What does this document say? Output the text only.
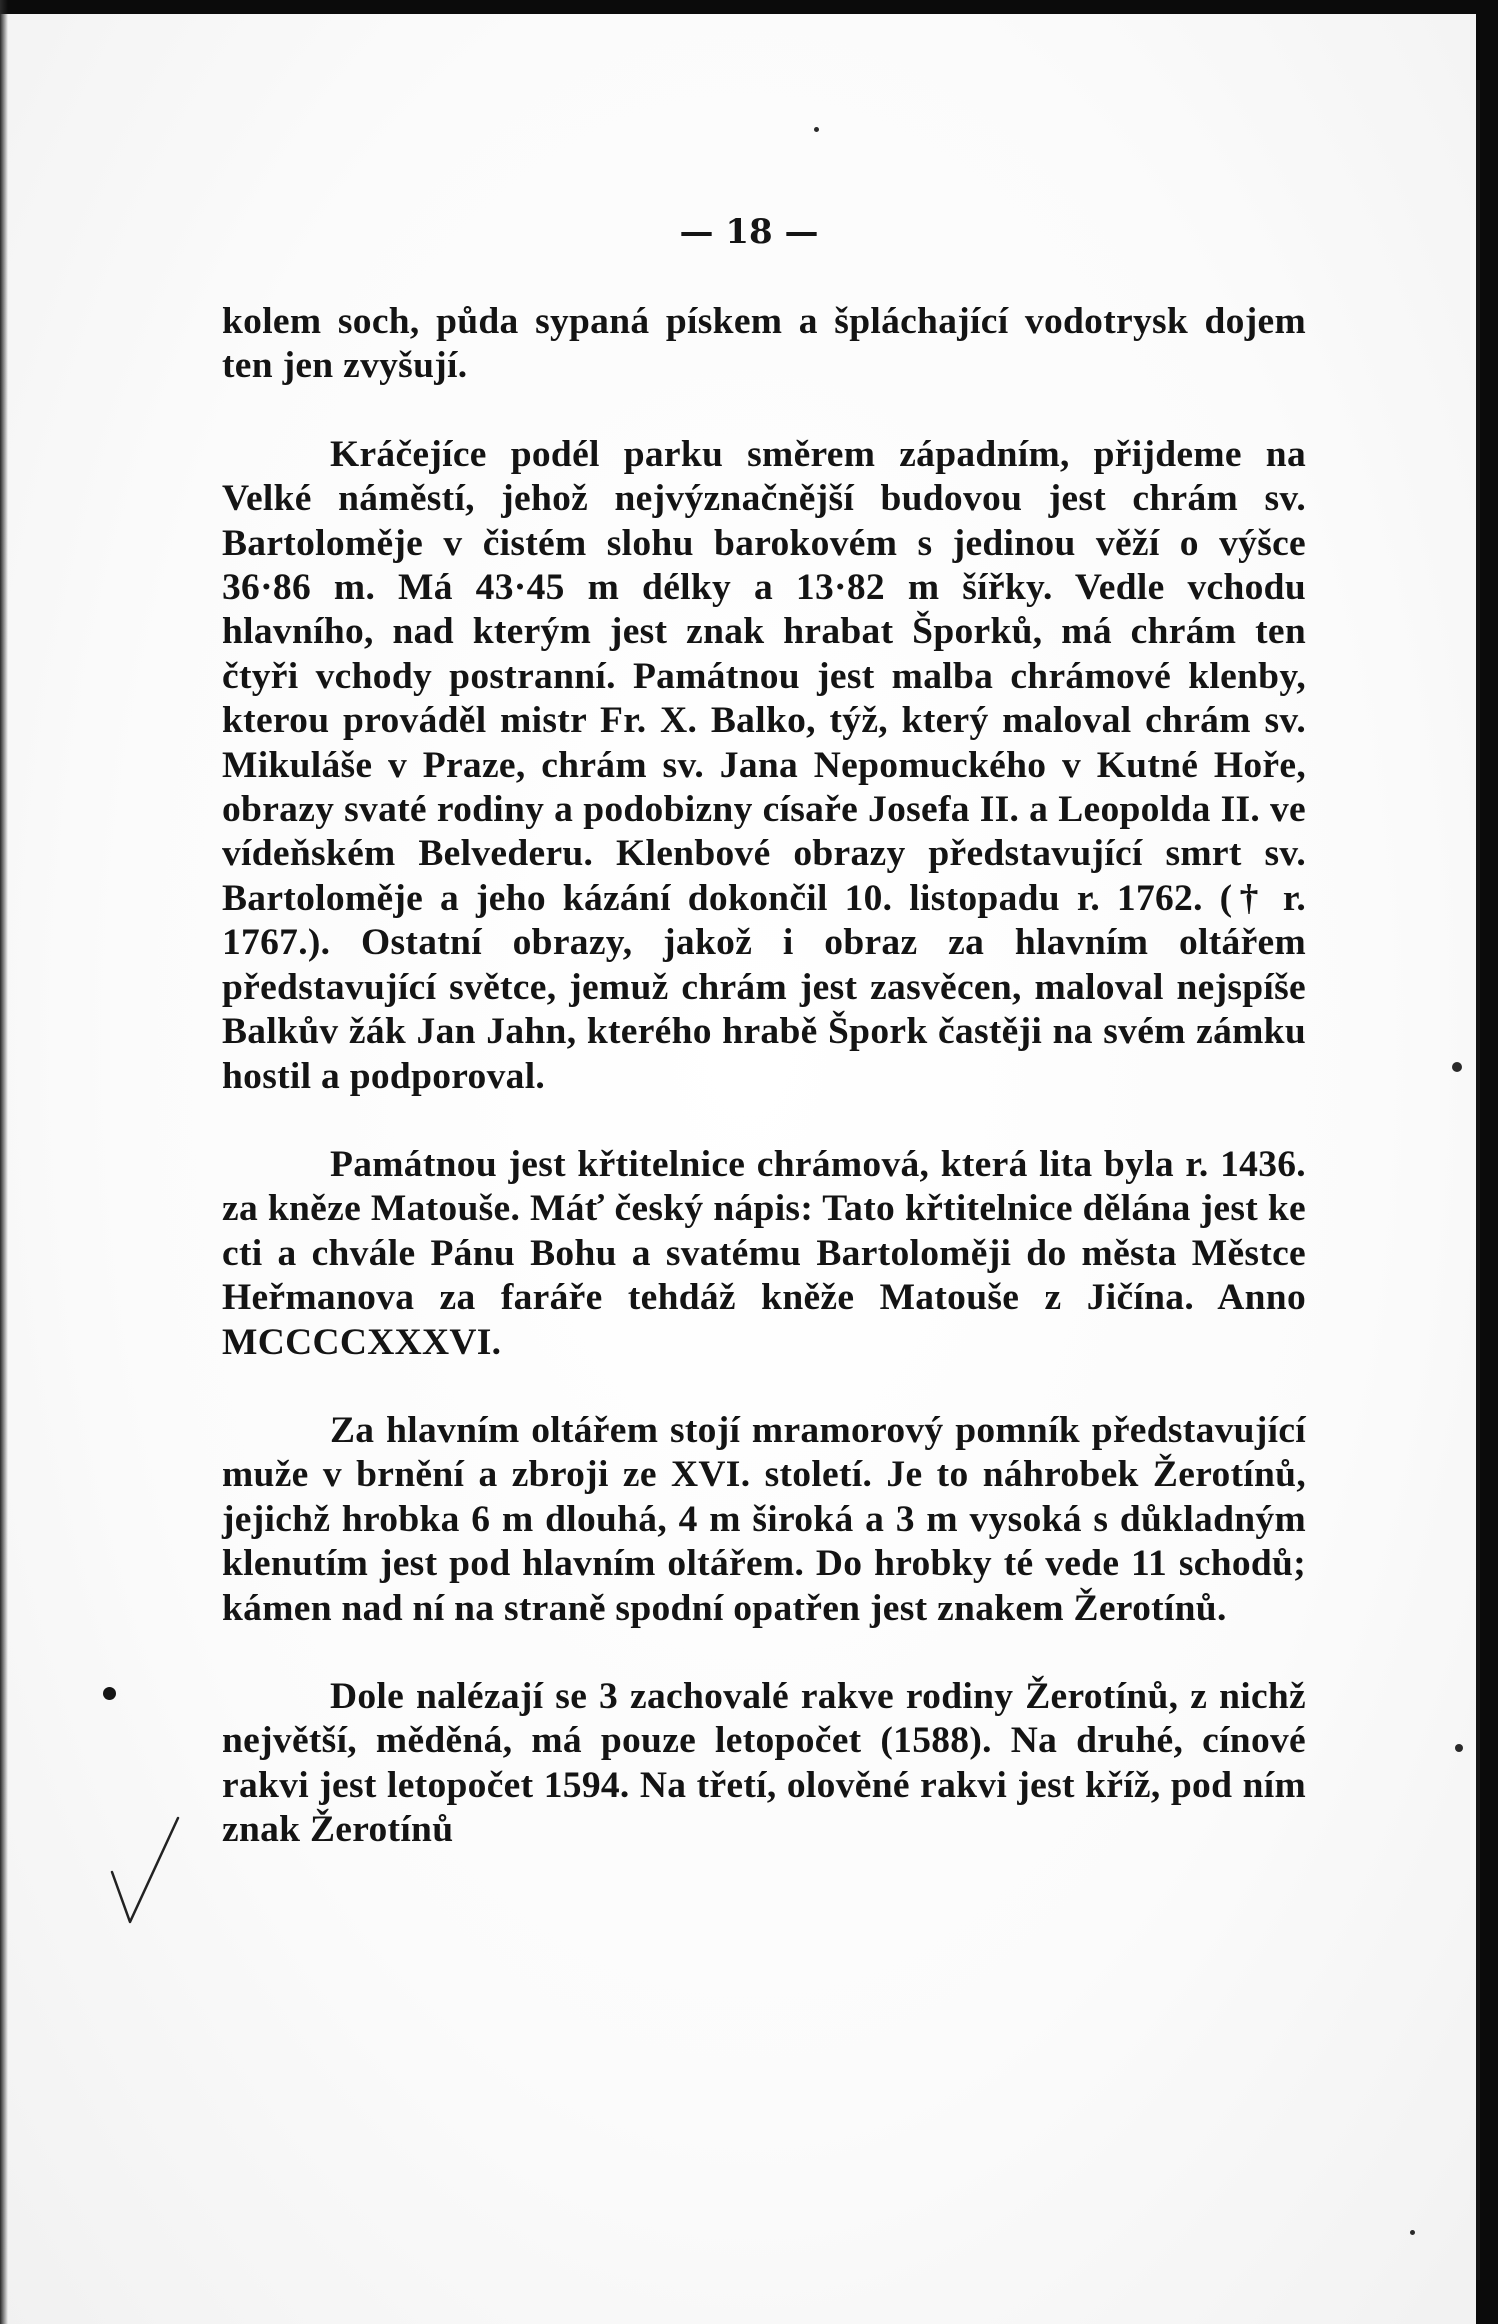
— 18 —

kolem soch, půda sypaná pískem a špláchající vodotrysk dojem ten jen zvyšují.

Kráčejíce podél parku směrem západním, přijdeme na Velké náměstí, jehož nejvýznačnější budovou jest chrám sv. Bartoloměje v čistém slohu barokovém s jedinou věží o výšce 36·86 m. Má 43·45 m délky a 13·82 m šířky. Vedle vchodu hlavního, nad kterým jest znak hrabat Šporků, má chrám ten čtyři vchody postranní. Památnou jest malba chrámové klenby, kterou prováděl mistr Fr. X. Balko, týž, který maloval chrám sv. Mikuláše v Praze, chrám sv. Jana Nepomuckého v Kutné Hoře, obrazy svaté rodiny a podobizny císaře Josefa II. a Leopolda II. ve vídeňském Belvederu. Klenbové obrazy představující smrt sv. Bartoloměje a jeho kázání dokončil 10. listopadu r. 1762. († r. 1767.). Ostatní obrazy, jakož i obraz za hlavním oltářem představující světce, jemuž chrám jest zasvěcen, maloval nejspíše Balkův žák Jan Jahn, kterého hrabě Špork častěji na svém zámku hostil a podporoval.

Památnou jest křtitelnice chrámová, která lita byla r. 1436. za kněze Matouše. Máť český nápis: Tato křtitelnice dělána jest ke cti a chvále Pánu Bohu a svatému Bartoloměji do města Městce Heřmanova za faráře tehdáž kněže Matouše z Jičína. Anno MCCCCXXXVI.

Za hlavním oltářem stojí mramorový pomník představující muže v brnění a zbroji ze XVI. století. Je to náhrobek Žerotínů, jejichž hrobka 6 m dlouhá, 4 m široká a 3 m vysoká s důkladným klenutím jest pod hlavním oltářem. Do hrobky té vede 11 schodů; kámen nad ní na straně spodní opatřen jest znakem Žerotínů.

Dole nalézají se 3 zachovalé rakve rodiny Žerotínů, z nichž největší, měděná, má pouze letopočet (1588). Na druhé, cínové rakvi jest letopočet 1594. Na třetí, olověné rakvi jest kříž, pod ním znak Žerotínů
